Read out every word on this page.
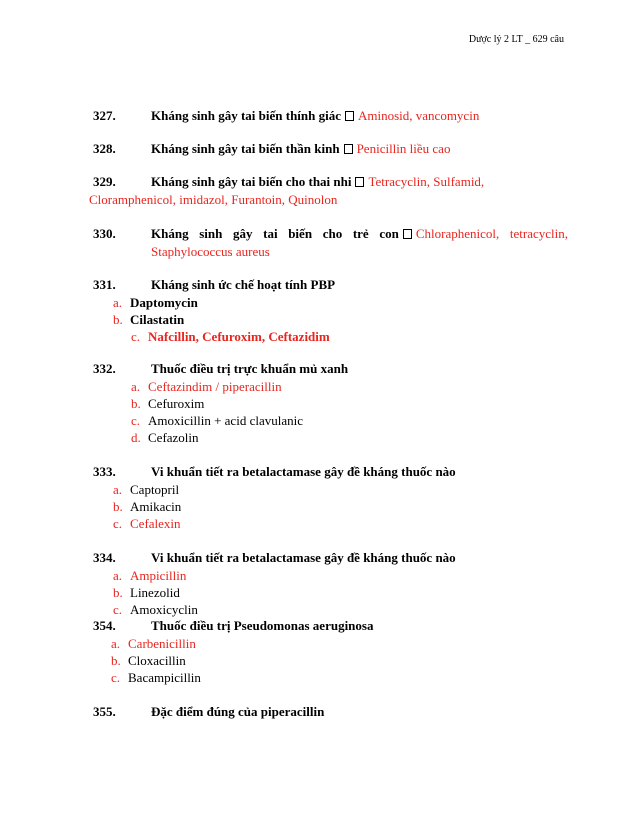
Dược lý 2 LT _ 629 câu
327.	Kháng sinh gây tai biến thính giác Aminosid, vancomycin
328.	Kháng sinh gây tai biến thần kinh Penicillin liều cao
329.	Kháng sinh gây tai biến cho thai nhi Tetracyclin, Sulfamid,
Cloramphenicol, imidazol, Furantoin, Quinolon
330.	Kháng sinh gây tai biến cho trẻ con Chloraphenicol, tetracyclin,
Staphylococcus aureus
331.	Kháng sinh ức chế hoạt tính PBP
a. Daptomycin
b. Cilastatin
c. Nafcillin, Cefuroxim, Ceftazidim
332.	Thuốc điều trị trực khuẩn mủ xanh
a. Ceftazindim / piperacillin
b. Cefuroxim
c. Amoxicillin + acid clavulanic
d. Cefazolin
333.	Vi khuẩn tiết ra betalactamase gây đề kháng thuốc nào
a. Captopril
b. Amikacin
c. Cefalexin
334.	Vi khuẩn tiết ra betalactamase gây đề kháng thuốc nào
a. Ampicillin
b. Linezolid
c. Amoxicyclin
354.	Thuốc điều trị Pseudomonas aeruginosa
a. Carbenicillin
b. Cloxacillin
c. Bacampicillin
355.	Đặc điểm đúng của piperacillin
